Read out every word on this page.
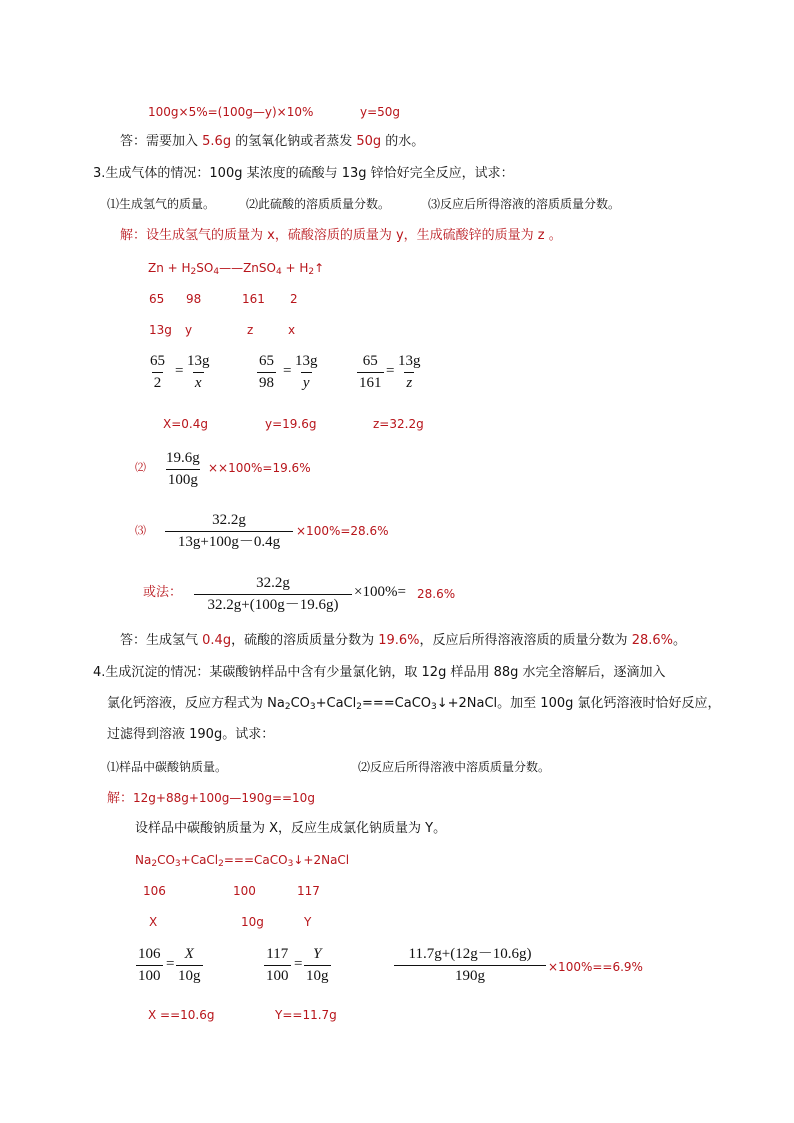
100g×5%=(100g—y)×10%	y=50g
答：需要加入 5.6g 的氢氧化钠或者蒸发 50g 的水。
3.生成气体的情况：100g 某浓度的硫酸与 13g 锌恰好完全反应，试求：
⑴生成氢气的质量。	⑵此硫酸的溶质质量分数。	⑶反应后所得溶液的溶质质量分数。
解：设生成氢气的质量为 x，硫酸溶质的质量为 y，生成硫酸锌的质量为 z 。
$Zn + H_2SO_4——ZnSO_4$ + $H_2↑$
65 98	161 2
13g y	z	x
$\frac{65}{2} = \frac{13g}{x}$	$\frac{65}{98} = \frac{13g}{y}$	$\frac{65}{161} = \frac{13g}{z}$
X=0.4g	y=19.6g	z=32.2g
⑵ $\frac{19.6g}{100g} \times\times 100\%=19.6\%$
⑶ $\frac{32.2g}{13g+100g-0.4g} \times 100\%=28.6\%$
或法： $\frac{32.2g}{32.2g+(100g-19.6g)} \times 100\%= 28.6\%$
答：生成氢气 0.4g，硫酸的溶质质量分数为 19.6%，反应后所得溶液溶质的质量分数为 28.6%。
4.生成沉淀的情况：某碳酸钠样品中含有少量氯化钠，取 12g 样品用 88g 水完全溶解后，逐滴加入
氯化钙溶液，反应方程式为 $Na_2CO_3+CaCl_2===CaCO_3↓+2NaCl$。加至 100g 氯化钙溶液时恰好反应，
过滤得到溶液 190g。试求：
⑴样品中碳酸钠质量。	⑵反应后所得溶液中溶质质量分数。
解：12g+88g+100g—190g==10g
设样品中碳酸钠质量为 X，反应生成氯化钠质量为 Y。
$Na_2CO_3+CaCl_2===CaCO_3↓+2NaCl$
106	100	117
X	10g	Y
$\frac{106}{100} = \frac{X}{10g}$	$\frac{117}{100} = \frac{Y}{10g}$	$\frac{11.7g+(12g-10.6g)}{190g} \times 100\%==6.9\%$
X ==10.6g	Y==11.7g
